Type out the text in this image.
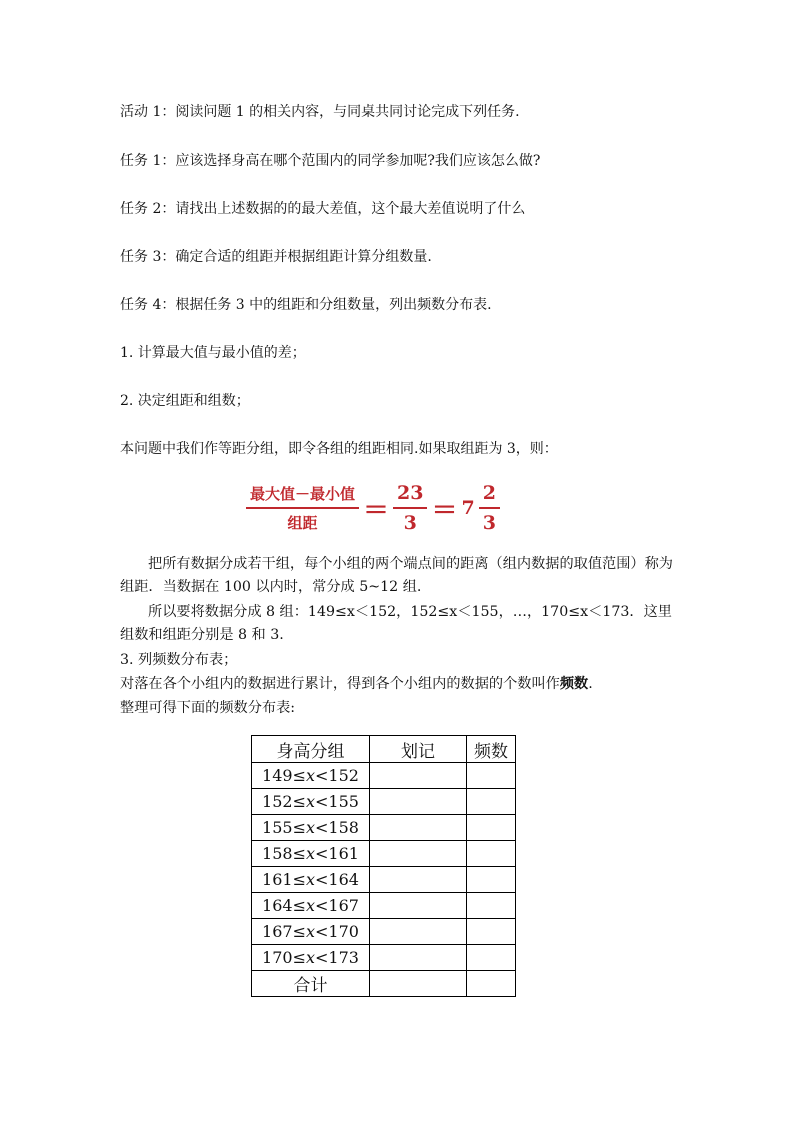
活动 1：阅读问题 1 的相关内容，与同桌共同讨论完成下列任务.
任务 1：应该选择身高在哪个范围内的同学参加呢?我们应该怎么做?
任务 2：请找出上述数据的的最大差值，这个最大差值说明了什么
任务 3：确定合适的组距并根据组距计算分组数量.
任务 4：根据任务 3 中的组距和分组数量，列出频数分布表.
1. 计算最大值与最小值的差；
2. 决定组距和组数；
本问题中我们作等距分组，即令各组的组距相同.如果取组距为 3，则：
$\frac{\text{最大值－最小值}}{\text{组距}} = \frac{23}{3} = 7 \frac{2}{3}$
把所有数据分成若干组，每个小组的两个端点间的距离（组内数据的取值范围）称为组距．当数据在 100 以内时，常分成 5~12 组.
所以要将数据分成 8 组：149≤x＜152，152≤x＜155，…，170≤x＜173．这里组数和组距分别是 8 和 3.
3. 列频数分布表；
对落在各个小组内的数据进行累计，得到各个小组内的数据的个数叫作频数.
整理可得下面的频数分布表:
身高分组	划记	频数
149≤x<152		
152≤x<155		
155≤x<158		
158≤x<161		
161≤x<164		
164≤x<167		
167≤x<170		
170≤x<173		
合计		
